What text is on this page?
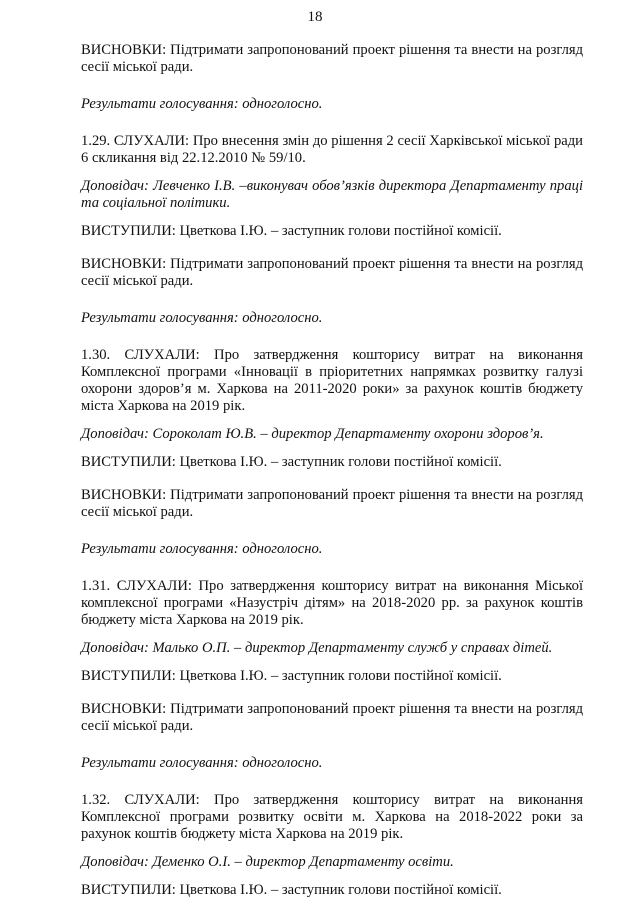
18

ВИСНОВКИ: Підтримати запропонований проект рішення та внести на розгляд сесії міської ради.

Результати голосування: одноголосно.

1.29. СЛУХАЛИ: Про внесення змін до рішення 2 сесії Харківської міської ради 6 скликання від 22.12.2010 № 59/10.

Доповідач: Левченко І.В. –виконувач обов’язків директора Департаменту праці та соціальної політики.

ВИСТУПИЛИ: Цветкова І.Ю. – заступник голови постійної комісії.

ВИСНОВКИ: Підтримати запропонований проект рішення та внести на розгляд сесії міської ради.

Результати голосування: одноголосно.

1.30. СЛУХАЛИ: Про затвердження кошторису витрат на виконання Комплексної програми «Інновації в пріоритетних напрямках розвитку галузі охорони здоров’я м. Харкова на 2011-2020 роки» за рахунок коштів бюджету міста Харкова на 2019 рік.

Доповідач: Сороколат Ю.В. – директор Департаменту охорони здоров’я.

ВИСТУПИЛИ: Цветкова І.Ю. – заступник голови постійної комісії.

ВИСНОВКИ: Підтримати запропонований проект рішення та внести на розгляд сесії міської ради.

Результати голосування: одноголосно.

1.31. СЛУХАЛИ: Про затвердження кошторису витрат на виконання Міської комплексної програми «Назустріч дітям» на 2018-2020 рр. за рахунок коштів бюджету міста Харкова на 2019 рік.

Доповідач: Малько О.П. – директор Департаменту служб у справах дітей.

ВИСТУПИЛИ: Цветкова І.Ю. – заступник голови постійної комісії.

ВИСНОВКИ: Підтримати запропонований проект рішення та внести на розгляд сесії міської ради.

Результати голосування: одноголосно.

1.32. СЛУХАЛИ: Про затвердження кошторису витрат на виконання Комплексної програми розвитку освіти м. Харкова на 2018-2022 роки за рахунок коштів бюджету міста Харкова на 2019 рік.

Доповідач: Деменко О.І. – директор Департаменту освіти.

ВИСТУПИЛИ: Цветкова І.Ю. – заступник голови постійної комісії.
